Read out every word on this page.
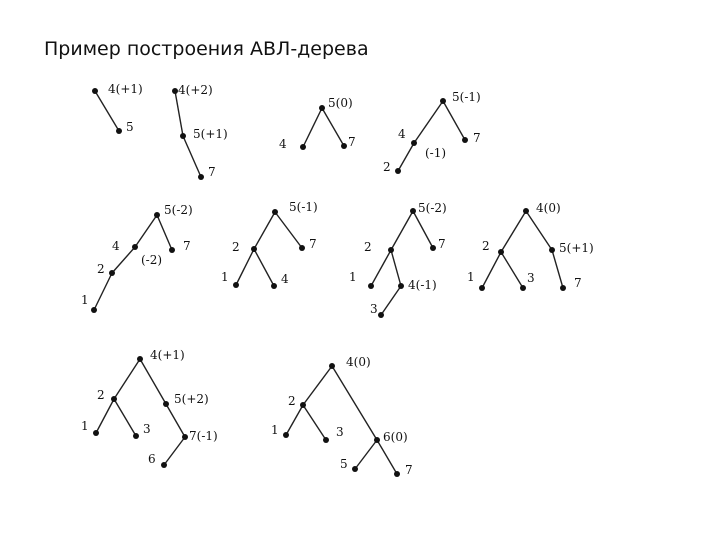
Пример построения АВЛ-дерева
4(+1)
5
4(+2)
5(+1)
7
5(0)
4	7
5(-1)
4
(-1)
7
2
5(-2)
4
(-2)
7
2
1
5(-1)
2	7
1	4
5(-2)
2	7
1
4(-1)
3
4(0)
2	5(+1)
1	3	7
4(+1)
2	5(+2)
1	3	7(-1)
6
4(0)
2
6(0)
1	3
5	7
